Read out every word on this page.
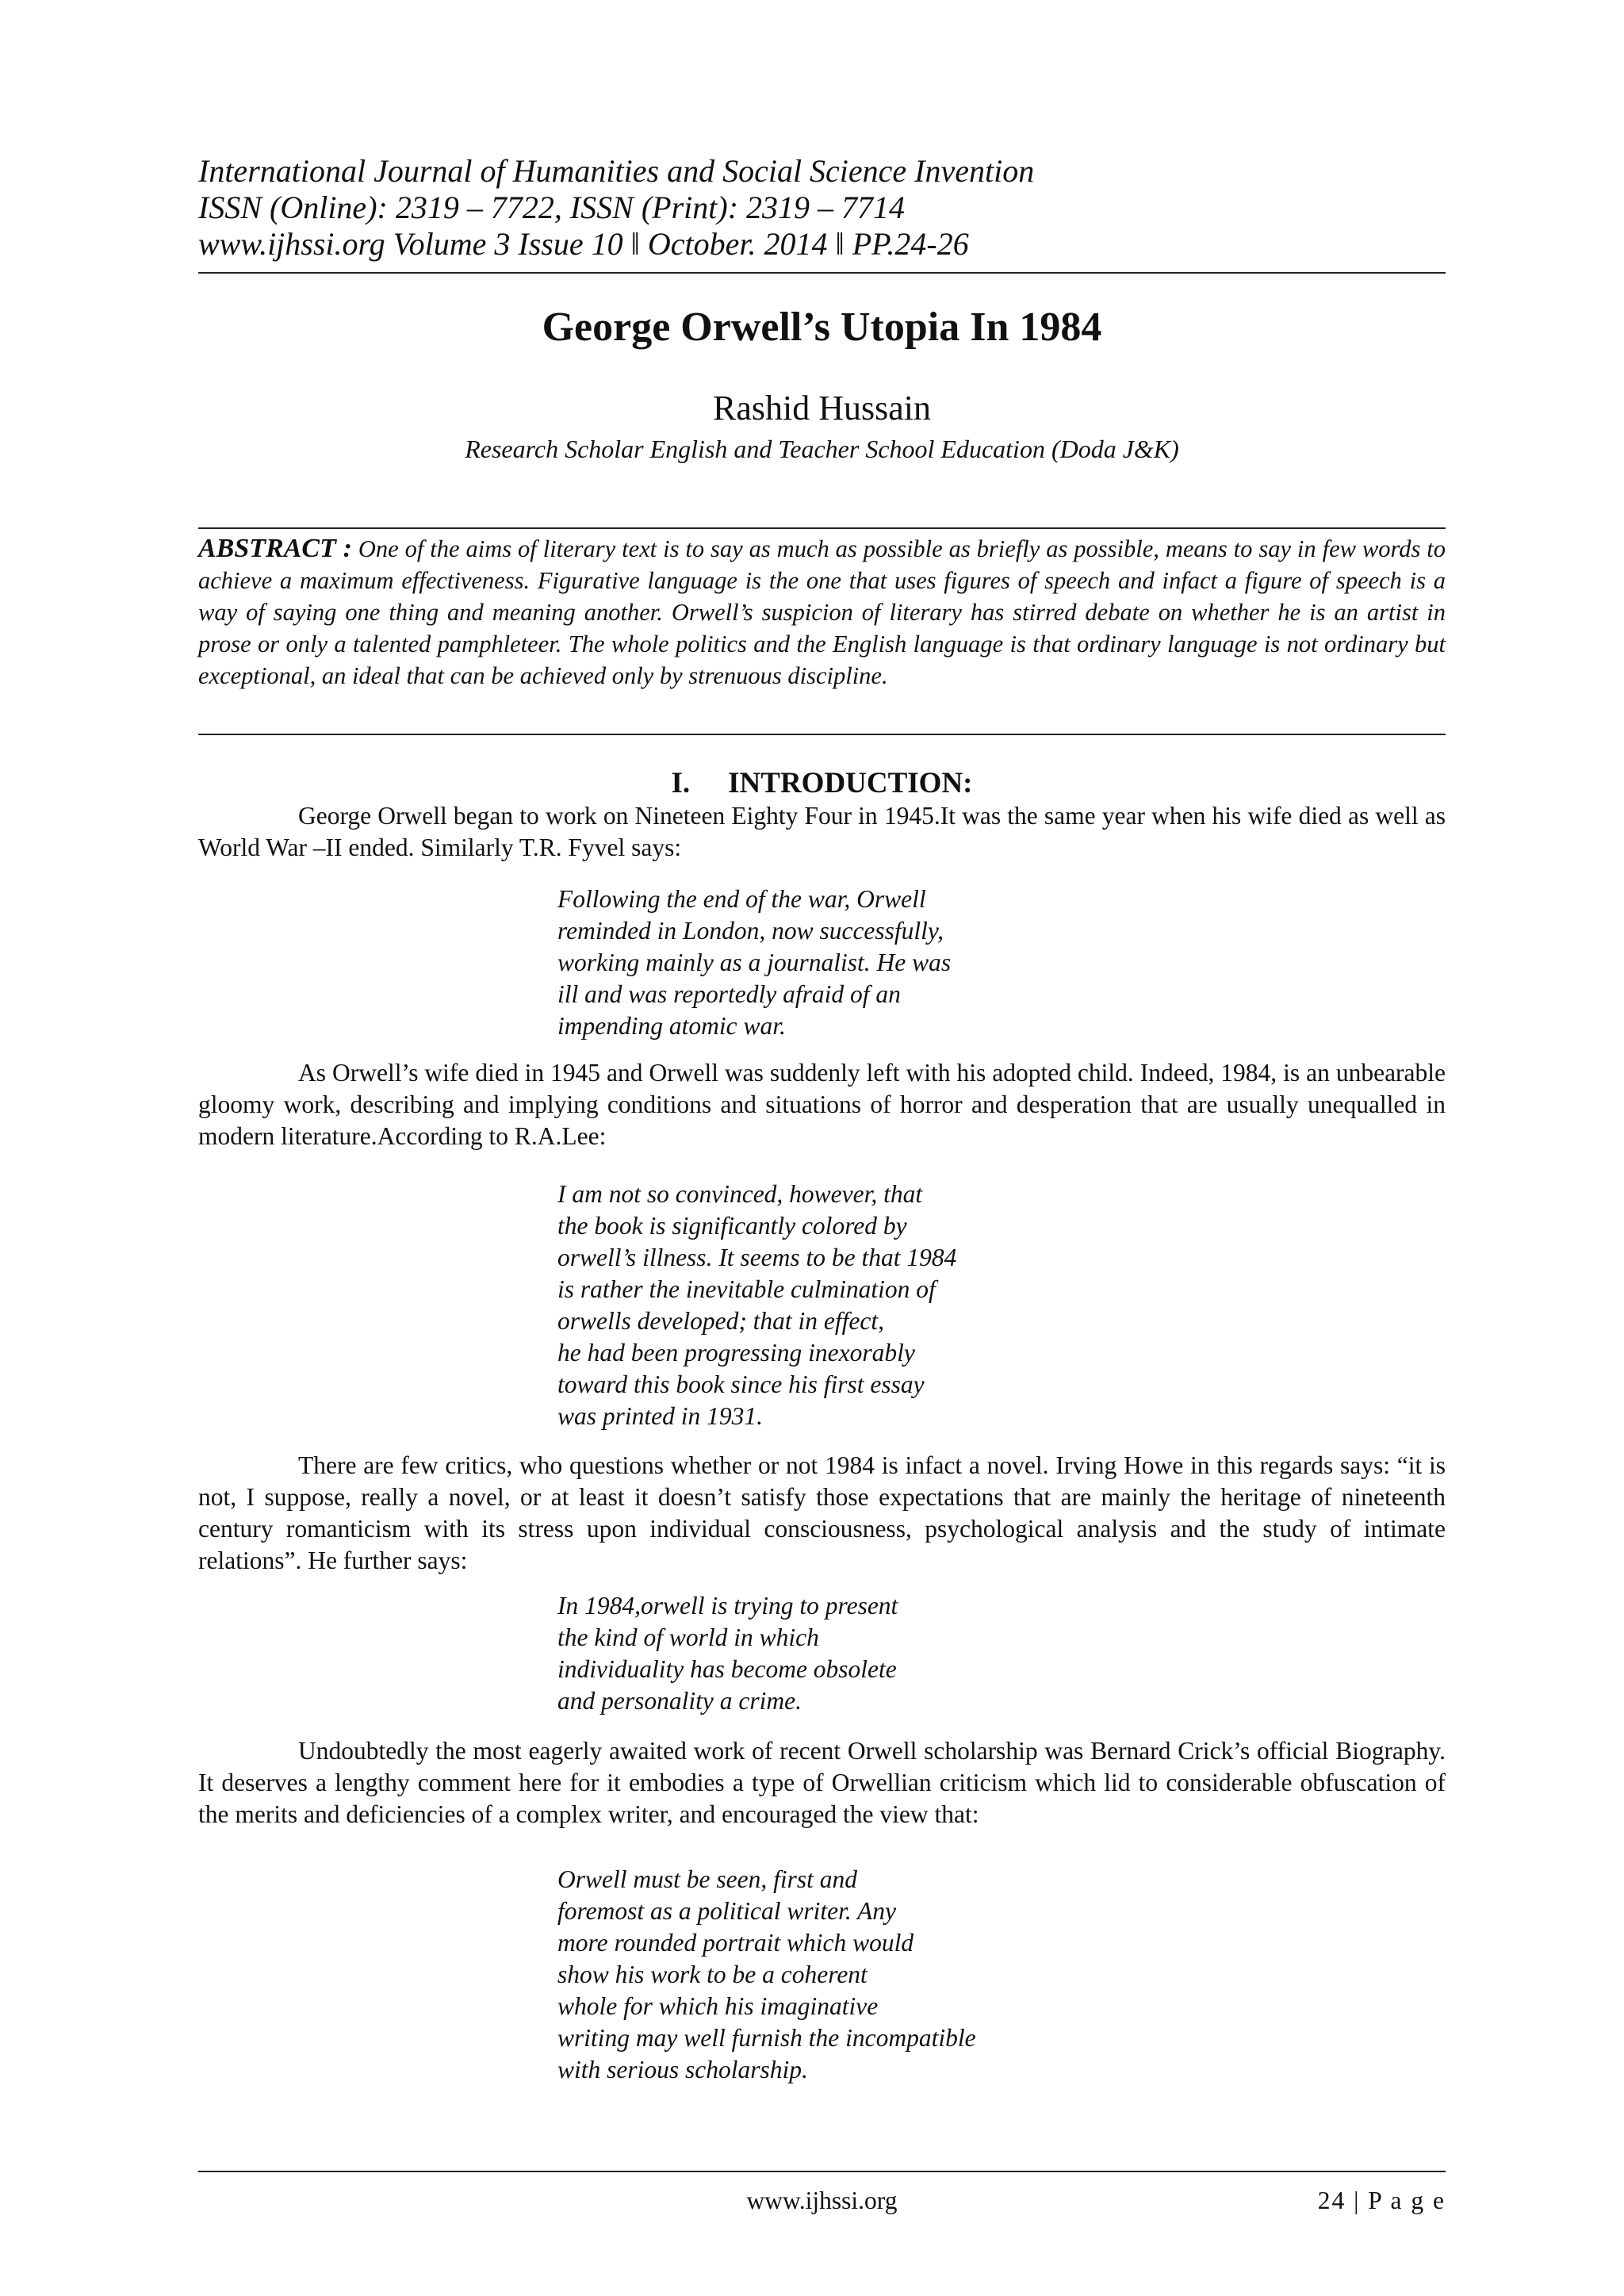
International Journal of Humanities and Social Science Invention
ISSN (Online): 2319 – 7722, ISSN (Print): 2319 – 7714
www.ijhssi.org Volume 3 Issue 10 ǁ October. 2014 ǁ PP.24-26
George Orwell’s Utopia In 1984
Rashid Hussain
Research Scholar English and Teacher School Education (Doda J&K)
ABSTRACT : One of the aims of literary text is to say as much as possible as briefly as possible, means to say in few words to achieve a maximum effectiveness. Figurative language is the one that uses figures of speech and infact a figure of speech is a way of saying one thing and meaning another. Orwell’s suspicion of literary has stirred debate on whether he is an artist in prose or only a talented pamphleteer. The whole politics and the English language is that ordinary language is not ordinary but exceptional, an ideal that can be achieved only by strenuous discipline.
I. INTRODUCTION:
George Orwell began to work on Nineteen Eighty Four in 1945.It was the same year when his wife died as well as World War –II ended. Similarly T.R. Fyvel says:
Following the end of the war, Orwell
reminded in London, now successfully,
working mainly as a journalist. He was
ill and was reportedly afraid of an
impending atomic war.
As Orwell’s wife died in 1945 and Orwell was suddenly left with his adopted child. Indeed, 1984, is an unbearable gloomy work, describing and implying conditions and situations of horror and desperation that are usually unequalled in modern literature.According to R.A.Lee:
I am not so convinced, however, that
the book is significantly colored by
orwell’s illness. It seems to be that 1984
is rather the inevitable culmination of
orwells developed; that in effect,
he had been progressing inexorably
toward this book since his first essay
was printed in 1931.
There are few critics, who questions whether or not 1984 is infact a novel. Irving Howe in this regards says: “it is not, I suppose, really a novel, or at least it doesn’t satisfy those expectations that are mainly the heritage of nineteenth century romanticism with its stress upon individual consciousness, psychological analysis and the study of intimate relations”. He further says:
In 1984,orwell is trying to present
the kind of world in which
individuality has become obsolete
and personality a crime.
Undoubtedly the most eagerly awaited work of recent Orwell scholarship was Bernard Crick’s official Biography. It deserves a lengthy comment here for it embodies a type of Orwellian criticism which lid to considerable obfuscation of the merits and deficiencies of a complex writer, and encouraged the view that:
Orwell must be seen, first and
foremost as a political writer. Any
more rounded portrait which would
show his work to be a coherent
whole for which his imaginative
writing may well furnish the incompatible
with serious scholarship.
www.ijhssi.org	24 | P a g e
